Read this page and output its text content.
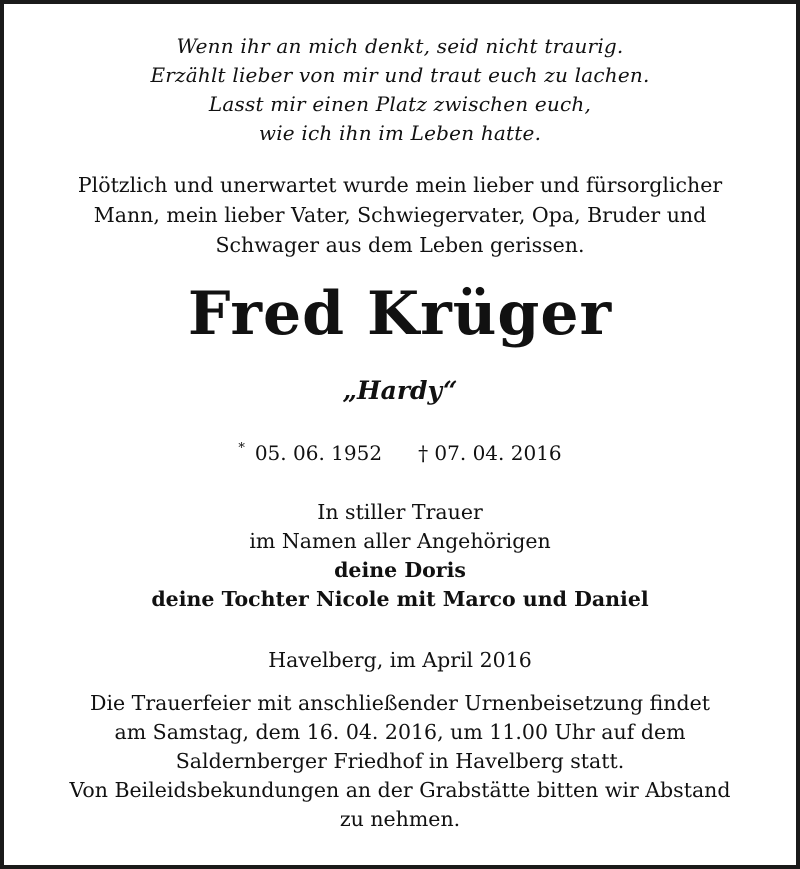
Wenn ihr an mich denkt, seid nicht traurig.
Erzählt lieber von mir und traut euch zu lachen.
Lasst mir einen Platz zwischen euch,
wie ich ihn im Leben hatte.
Plötzlich und unerwartet wurde mein lieber und fürsorglicher
Mann, mein lieber Vater, Schwiegervater, Opa, Bruder und
Schwager aus dem Leben gerissen.
Fred Krüger
„Hardy“
* 05. 06. 1952 † 07. 04. 2016
In stiller Trauer
im Namen aller Angehörigen
deine Doris
deine Tochter Nicole mit Marco und Daniel
Havelberg, im April 2016
Die Trauerfeier mit anschließender Urnenbeisetzung findet
am Samstag, dem 16. 04. 2016, um 11.00 Uhr auf dem
Saldernberger Friedhof in Havelberg statt.
Von Beileidsbekundungen an der Grabstätte bitten wir Abstand
zu nehmen.
